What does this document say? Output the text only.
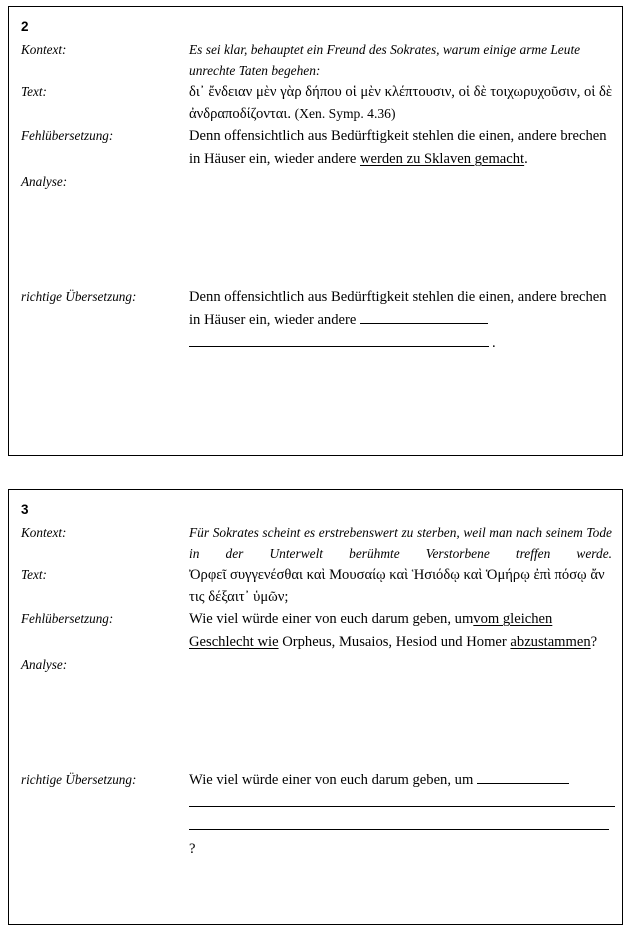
2
Kontext:	Es sei klar, behauptet ein Freund des Sokrates, warum einige arme Leute unrechte Taten begehen:
Text:	δι᾽ ἔνδειαν μὲν γὰρ δήπου οἱ μὲν κλέπτουσιν, οἱ δὲ τοιχωρυχοῦσιν, οἱ δὲ ἀνδραποδίζονται. (Xen. Symp. 4.36)
Fehlübersetzung:	Denn offensichtlich aus Bedürftigkeit stehlen die einen, andere brechen in Häuser ein, wieder andere werden zu Sklaven gemacht.
Analyse:
richtige Übersetzung:	Denn offensichtlich aus Bedürftigkeit stehlen die einen, andere brechen in Häuser ein, wieder andere
.
3
Kontext:	Für Sokrates scheint es erstrebenswert zu sterben, weil man nach seinem Tode in der Unterwelt berühmte Verstorbene treffen werde.
Text:	Ὀρφεῖ συγγενέσθαι καὶ Μουσαίῳ καὶ Ἡσιόδῳ καὶ Ὁμήρῳ ἐπὶ πόσῳ ἄν τις δέξαιτ᾽ ὑμῶν;
Fehlübersetzung:	Wie viel würde einer von euch darum geben, umvom gleichen Geschlecht wie Orpheus, Musaios, Hesiod und Homer abzustammen?
Analyse:
richtige Übersetzung:	Wie viel würde einer von euch darum geben, um
?
